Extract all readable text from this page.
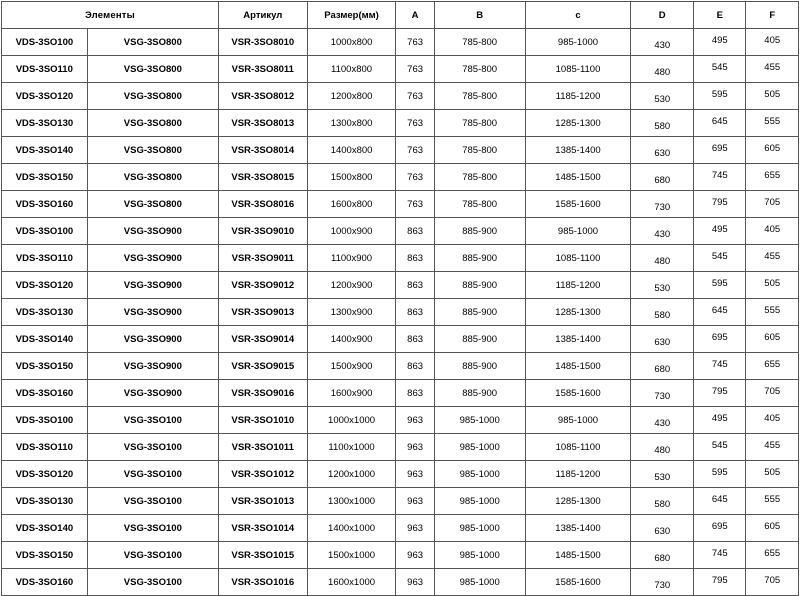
Элементы		Артикул	Размер(мм)	A	B	c	D	E	F
VDS-3SO100	VSG-3SO800	VSR-3SO8010	1000x800	763	785-800	985-1000	430	495	405

VDS-3SO110	VSG-3SO800	VSR-3SO8011	1100x800	763	785-800	1085-1100	480	545	455

VDS-3SO120	VSG-3SO800	VSR-3SO8012	1200x800	763	785-800	1185-1200	530	595	505

VDS-3SO130	VSG-3SO800	VSR-3SO8013	1300x800	763	785-800	1285-1300	580	645	555

VDS-3SO140	VSG-3SO800	VSR-3SO8014	1400x800	763	785-800	1385-1400	630	695	605

VDS-3SO150	VSG-3SO800	VSR-3SO8015	1500x800	763	785-800	1485-1500	680	745	655

VDS-3SO160	VSG-3SO800	VSR-3SO8016	1600x800	763	785-800	1585-1600	730	795	705

VDS-3SO100	VSG-3SO900	VSR-3SO9010	1000x900	863	885-900	985-1000	430	495	405

VDS-3SO110	VSG-3SO900	VSR-3SO9011	1100x900	863	885-900	1085-1100	480	545	455

VDS-3SO120	VSG-3SO900	VSR-3SO9012	1200x900	863	885-900	1185-1200	530	595	505

VDS-3SO130	VSG-3SO900	VSR-3SO9013	1300x900	863	885-900	1285-1300	580	645	555

VDS-3SO140	VSG-3SO900	VSR-3SO9014	1400x900	863	885-900	1385-1400	630	695	605

VDS-3SO150	VSG-3SO900	VSR-3SO9015	1500x900	863	885-900	1485-1500	680	745	655

VDS-3SO160	VSG-3SO900	VSR-3SO9016	1600x900	863	885-900	1585-1600	730	795	705

VDS-3SO100	VSG-3SO100	VSR-3SO1010	1000x1000	963	985-1000	985-1000	430	495	405

VDS-3SO110	VSG-3SO100	VSR-3SO1011	1100x1000	963	985-1000	1085-1100	480	545	455

VDS-3SO120	VSG-3SO100	VSR-3SO1012	1200x1000	963	985-1000	1185-1200	530	595	505

VDS-3SO130	VSG-3SO100	VSR-3SO1013	1300x1000	963	985-1000	1285-1300	580	645	555

VDS-3SO140	VSG-3SO100	VSR-3SO1014	1400x1000	963	985-1000	1385-1400	630	695	605

VDS-3SO150	VSG-3SO100	VSR-3SO1015	1500x1000	963	985-1000	1485-1500	680	745	655

VDS-3SO160	VSG-3SO100	VSR-3SO1016	1600x1000	963	985-1000	1585-1600	730	795	705
